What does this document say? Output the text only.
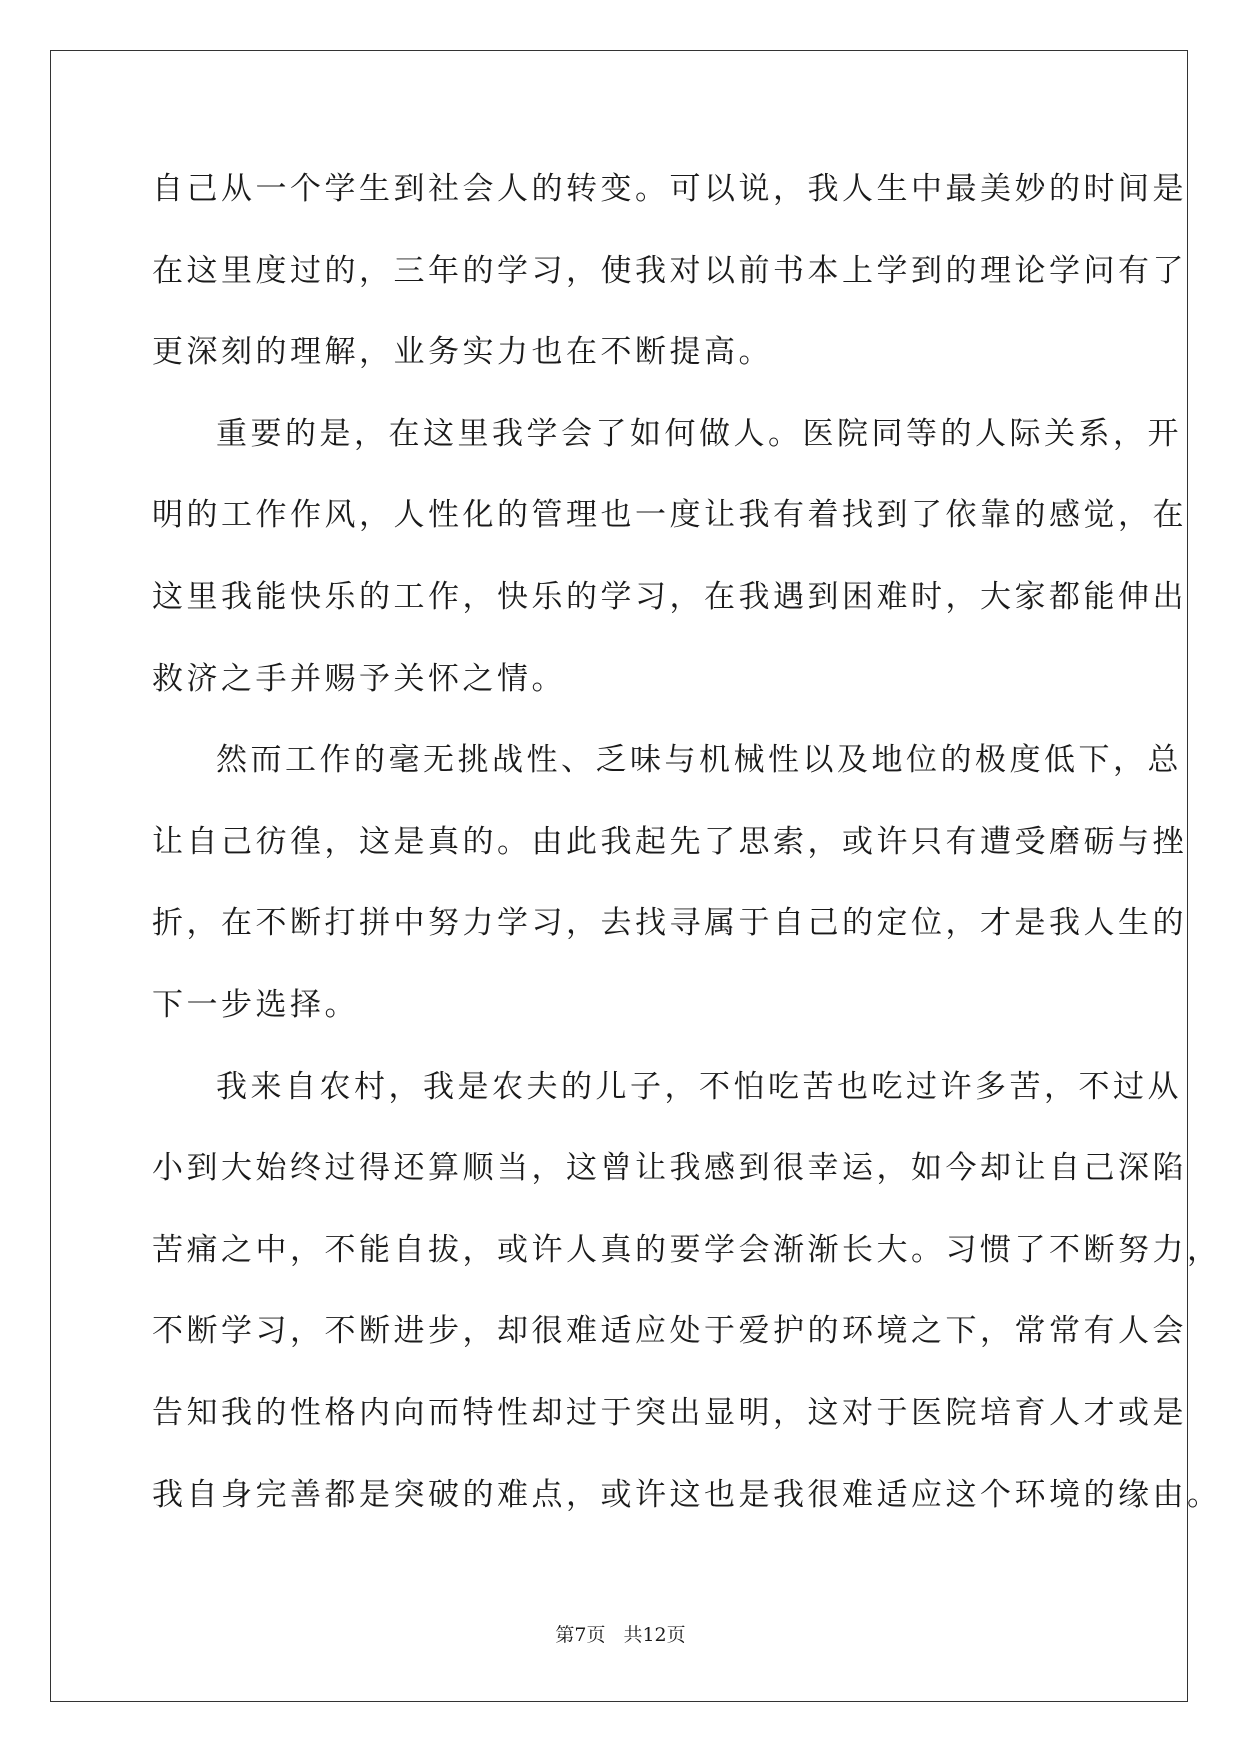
自己从一个学生到社会人的转变。可以说，我人生中最美妙的时间是
在这里度过的，三年的学习，使我对以前书本上学到的理论学问有了
更深刻的理解，业务实力也在不断提高。
重要的是，在这里我学会了如何做人。医院同等的人际关系，开
明的工作作风，人性化的管理也一度让我有着找到了依靠的感觉，在
这里我能快乐的工作，快乐的学习，在我遇到困难时，大家都能伸出
救济之手并赐予关怀之情。
然而工作的毫无挑战性、乏味与机械性以及地位的极度低下，总
让自己彷徨，这是真的。由此我起先了思索，或许只有遭受磨砺与挫
折，在不断打拼中努力学习，去找寻属于自己的定位，才是我人生的
下一步选择。
我来自农村，我是农夫的儿子，不怕吃苦也吃过许多苦，不过从
小到大始终过得还算顺当，这曾让我感到很幸运，如今却让自己深陷
苦痛之中，不能自拔，或许人真的要学会渐渐长大。习惯了不断努力，
不断学习，不断进步，却很难适应处于爱护的环境之下，常常有人会
告知我的性格内向而特性却过于突出显明，这对于医院培育人才或是
我自身完善都是突破的难点，或许这也是我很难适应这个环境的缘由。
第7页 共12页
